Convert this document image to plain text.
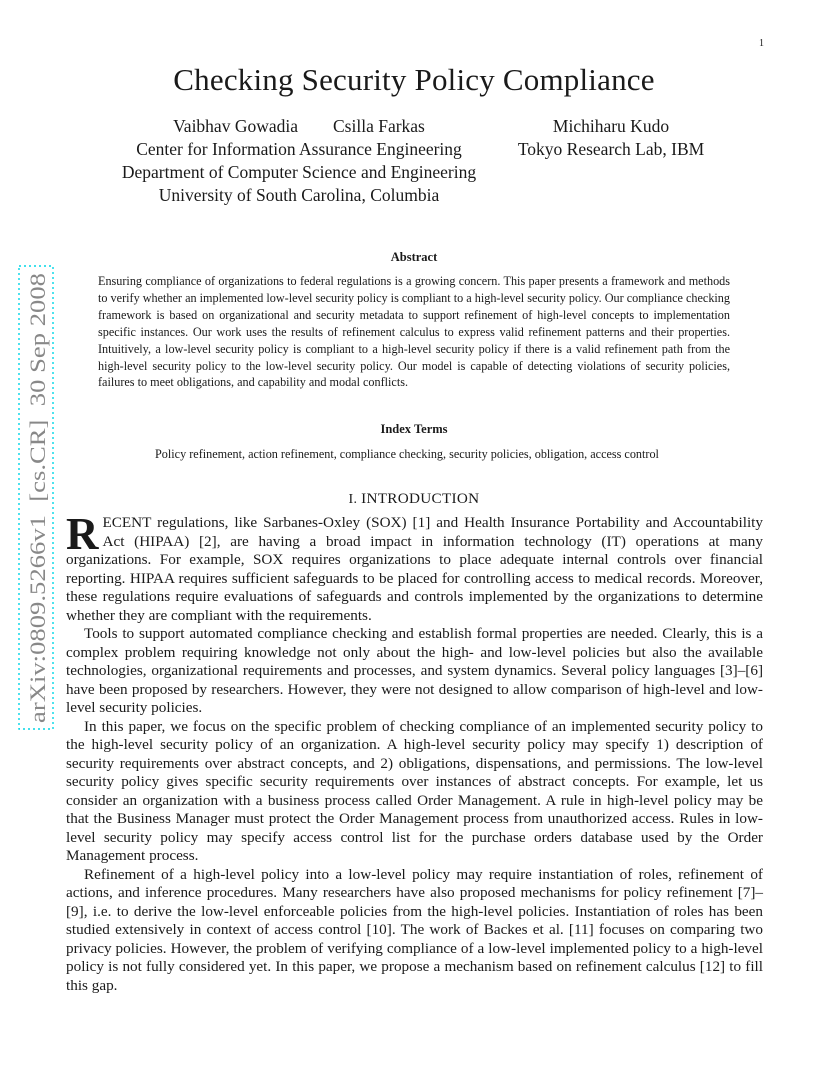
1
arXiv:0809.5266v1  [cs.CR]  30 Sep 2008
Checking Security Policy Compliance
Vaibhav Gowadia        Csilla Farkas
Center for Information Assurance Engineering
Department of Computer Science and Engineering
University of South Carolina, Columbia
Michiharu Kudo
Tokyo Research Lab, IBM
Abstract
Ensuring compliance of organizations to federal regulations is a growing concern. This paper presents a framework and methods to verify whether an implemented low-level security policy is compliant to a high-level security policy. Our compliance checking framework is based on organizational and security metadata to support refinement of high-level concepts to implementation specific instances. Our work uses the results of refinement calculus to express valid refinement patterns and their properties. Intuitively, a low-level security policy is compliant to a high-level security policy if there is a valid refinement path from the high-level security policy to the low-level security policy. Our model is capable of detecting violations of security policies, failures to meet obligations, and capability and modal conflicts.
Index Terms
Policy refinement, action refinement, compliance checking, security policies, obligation, access control
I. INTRODUCTION

RECENT regulations, like Sarbanes-Oxley (SOX) [1] and Health Insurance Portability and Accountability Act (HIPAA) [2], are having a broad impact in information technology (IT) operations at many organizations. For example, SOX requires organizations to place adequate internal controls over financial reporting. HIPAA requires sufficient safeguards to be placed for controlling access to medical records. Moreover, these regulations require evaluations of safeguards and controls implemented by the organizations to determine whether they are compliant with the requirements.

Tools to support automated compliance checking and establish formal properties are needed. Clearly, this is a complex problem requiring knowledge not only about the high- and low-level policies but also the available technologies, organizational requirements and processes, and system dynamics. Several policy languages [3]–[6] have been proposed by researchers. However, they were not designed to allow comparison of high-level and low-level security policies.

In this paper, we focus on the specific problem of checking compliance of an implemented security policy to the high-level security policy of an organization. A high-level security policy may specify 1) description of security requirements over abstract concepts, and 2) obligations, dispensations, and permissions. The low-level security policy gives specific security requirements over instances of abstract concepts. For example, let us consider an organization with a business process called Order Management. A rule in high-level policy may be that the Business Manager must protect the Order Management process from unauthorized access. Rules in low-level security policy may specify access control list for the purchase orders database used by the Order Management process.

Refinement of a high-level policy into a low-level policy may require instantiation of roles, refinement of actions, and inference procedures. Many researchers have also proposed mechanisms for policy refinement [7]–[9], i.e. to derive the low-level enforceable policies from the high-level policies. Instantiation of roles has been studied extensively in context of access control [10]. The work of Backes et al. [11] focuses on comparing two privacy policies. However, the problem of verifying compliance of a low-level implemented policy to a high-level policy is not fully considered yet. In this paper, we propose a mechanism based on refinement calculus [12] to fill this gap.
